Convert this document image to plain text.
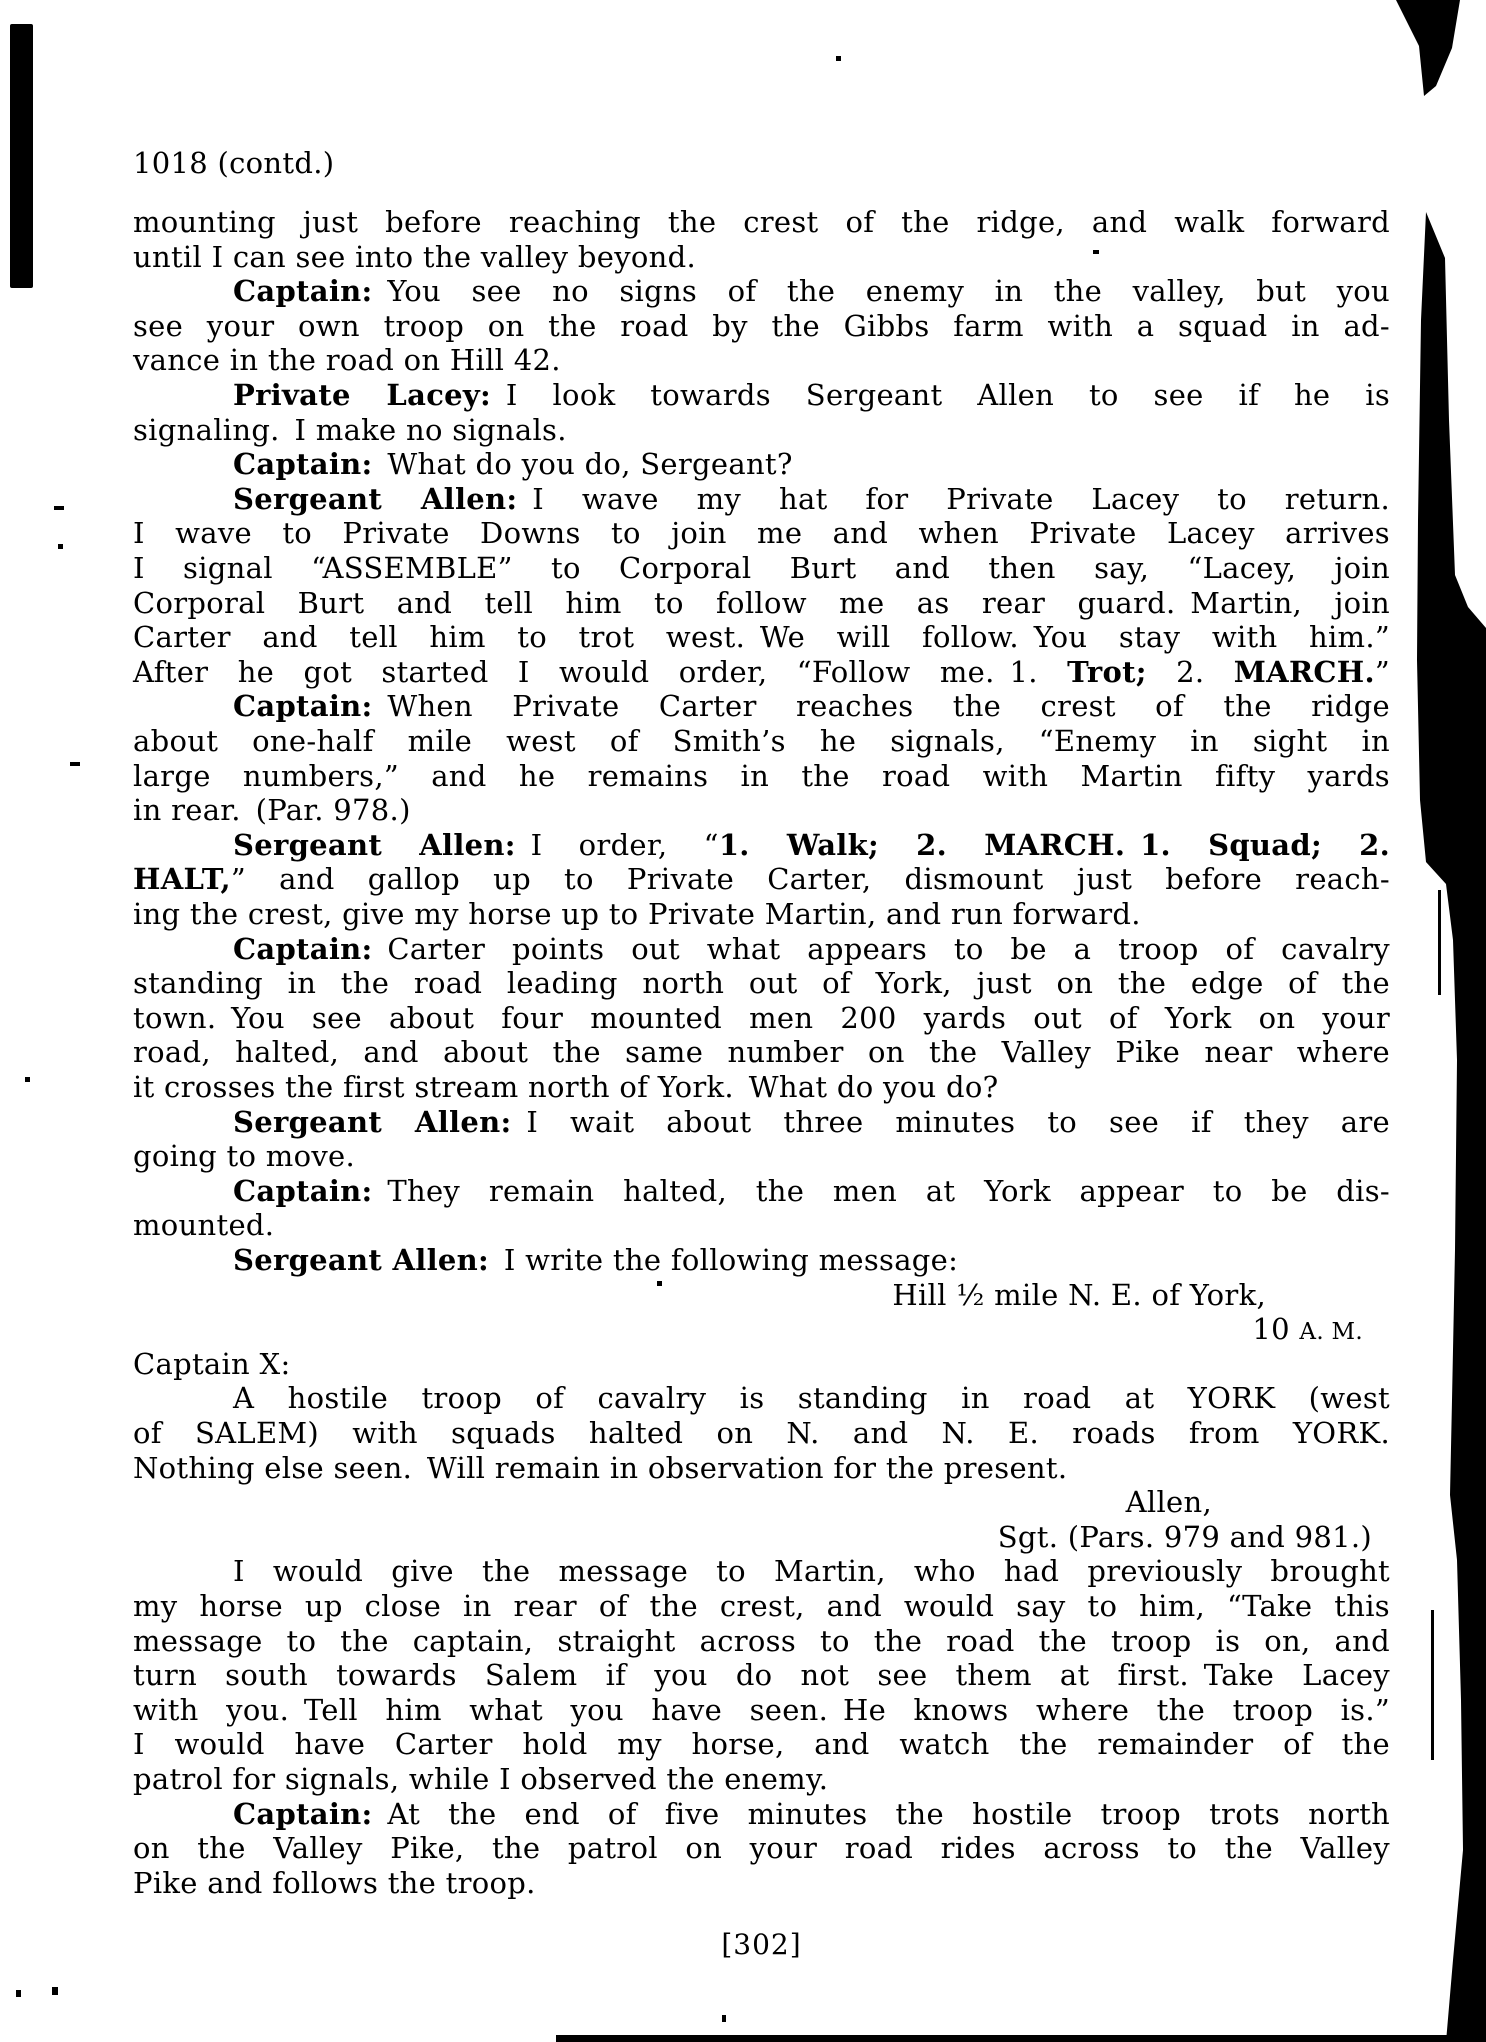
1018 (contd.)
mounting just before reaching the crest of the ridge, and walk forward
until I can see into the valley beyond.
Captain: You see no signs of the enemy in the valley, but you
see your own troop on the road by the Gibbs farm with a squad in ad-
vance in the road on Hill 42.
Private Lacey: I look towards Sergeant Allen to see if he is
signaling. I make no signals.
Captain: What do you do, Sergeant?
Sergeant Allen: I wave my hat for Private Lacey to return.
I wave to Private Downs to join me and when Private Lacey arrives
I signal “ASSEMBLE” to Corporal Burt and then say, “Lacey, join
Corporal Burt and tell him to follow me as rear guard. Martin, join
Carter and tell him to trot west. We will follow. You stay with him.”
After he got started I would order, “Follow me. 1. Trot; 2. MARCH.”
Captain: When Private Carter reaches the crest of the ridge
about one-half mile west of Smith’s he signals, “Enemy in sight in
large numbers,” and he remains in the road with Martin fifty yards
in rear. (Par. 978.)
Sergeant Allen: I order, “1. Walk; 2. MARCH. 1. Squad; 2.
HALT,” and gallop up to Private Carter, dismount just before reach-
ing the crest, give my horse up to Private Martin, and run forward.
Captain: Carter points out what appears to be a troop of cavalry
standing in the road leading north out of York, just on the edge of the
town. You see about four mounted men 200 yards out of York on your
road, halted, and about the same number on the Valley Pike near where
it crosses the first stream north of York. What do you do?
Sergeant Allen: I wait about three minutes to see if they are
going to move.
Captain: They remain halted, the men at York appear to be dis-
mounted.
Sergeant Allen: I write the following message:
Hill ½ mile N. E. of York,
10 A. M.
Captain X:
A hostile troop of cavalry is standing in road at YORK (west
of SALEM) with squads halted on N. and N. E. roads from YORK.
Nothing else seen. Will remain in observation for the present.
Allen,
Sgt. (Pars. 979 and 981.)
I would give the message to Martin, who had previously brought
my horse up close in rear of the crest, and would say to him, “Take this
message to the captain, straight across to the road the troop is on, and
turn south towards Salem if you do not see them at first. Take Lacey
with you. Tell him what you have seen. He knows where the troop is.”
I would have Carter hold my horse, and watch the remainder of the
patrol for signals, while I observed the enemy.
Captain: At the end of five minutes the hostile troop trots north
on the Valley Pike, the patrol on your road rides across to the Valley
Pike and follows the troop.
[302]
